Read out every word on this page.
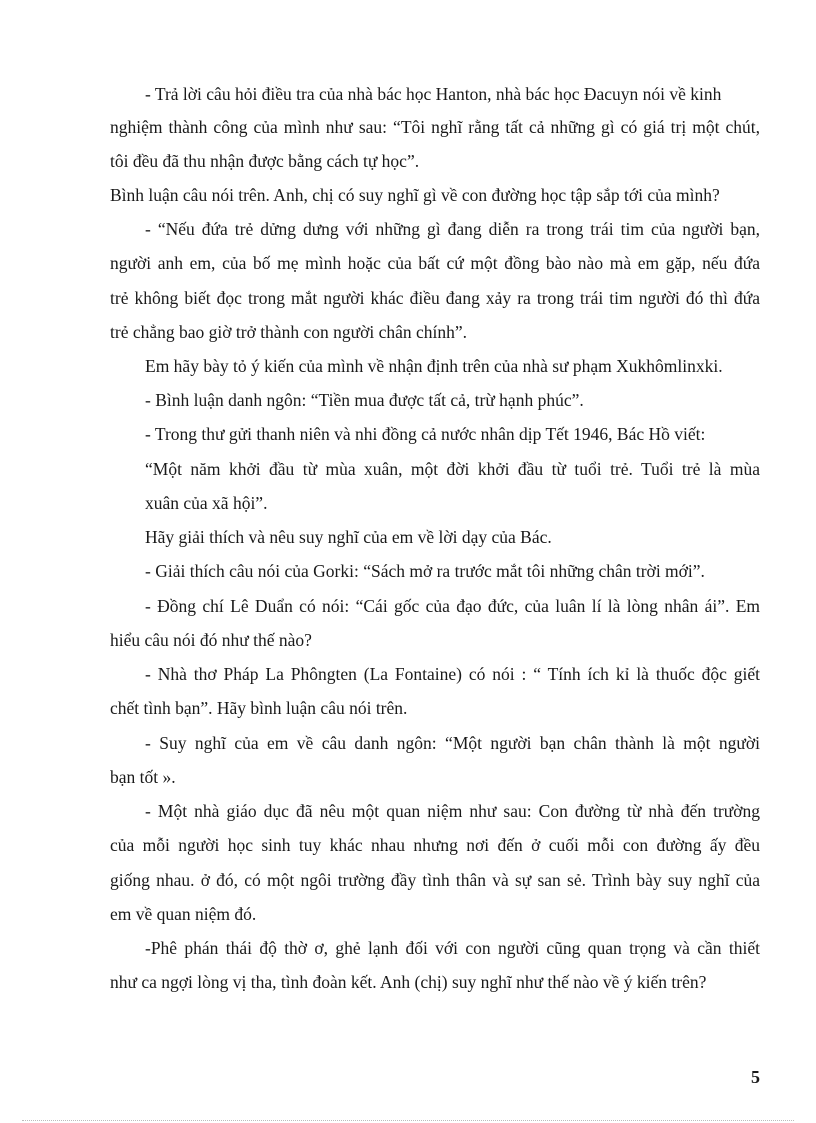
- Trả lời câu hỏi điều tra của nhà bác học Hanton, nhà bác học Đacuyn nói về kinh

nghiệm thành công của mình như sau: “Tôi nghĩ rằng tất cả những gì có giá trị một chút,

tôi đều đã thu nhận được bằng cách tự học”.

Bình luận câu nói trên. Anh, chị có suy nghĩ gì về con đường học tập sắp tới của mình?

- “Nếu đứa trẻ dửng dưng với những gì đang diễn ra trong trái tim của người bạn,

người anh em, của bố mẹ mình hoặc của bất cứ một đồng bào nào mà em gặp, nếu đứa

trẻ không biết đọc trong mắt người khác điều đang xảy ra trong trái tim người đó thì đứa

trẻ chẳng bao giờ trở thành con người chân chính”.

Em hãy bày tỏ ý kiến của mình về nhận định trên của nhà sư phạm Xukhômlinxki.

- Bình luận danh ngôn: “Tiền mua được tất cả, trừ hạnh phúc”.

- Trong thư gửi thanh niên và nhi đồng cả nước nhân dịp Tết 1946, Bác Hồ viết:

“Một năm khởi đầu từ mùa xuân, một đời khởi đầu từ tuổi trẻ. Tuổi trẻ là mùa

xuân của xã hội”.

Hãy giải thích và nêu suy nghĩ của em về lời dạy của Bác.

- Giải thích câu nói của Gorki: “Sách mở ra trước mắt tôi những chân trời mới”.

- Đồng chí Lê Duẩn có nói: “Cái gốc của đạo đức, của luân lí là lòng nhân ái”. Em

hiểu câu nói đó như thế nào?

- Nhà thơ Pháp La Phôngten (La Fontaine) có nói : “ Tính ích kỉ là thuốc độc giết

chết tình bạn”. Hãy bình luận câu nói trên.

- Suy nghĩ của em về câu danh ngôn: “Một người bạn chân thành là một người

bạn tốt ».

- Một nhà giáo dục đã nêu một quan niệm như sau: Con đường từ nhà đến trường

của mỗi người học sinh tuy khác nhau nhưng nơi đến ở cuối mỗi con đường ấy đều

giống nhau. ở đó, có một ngôi trường đầy tình thân và sự san sẻ. Trình bày suy nghĩ của

em về quan niệm đó.

-Phê phán thái độ thờ ơ, ghẻ lạnh đối với con người cũng quan trọng và cần thiết

như ca ngợi lòng vị tha, tình đoàn kết. Anh (chị) suy nghĩ như thế nào về ý kiến trên?

5
